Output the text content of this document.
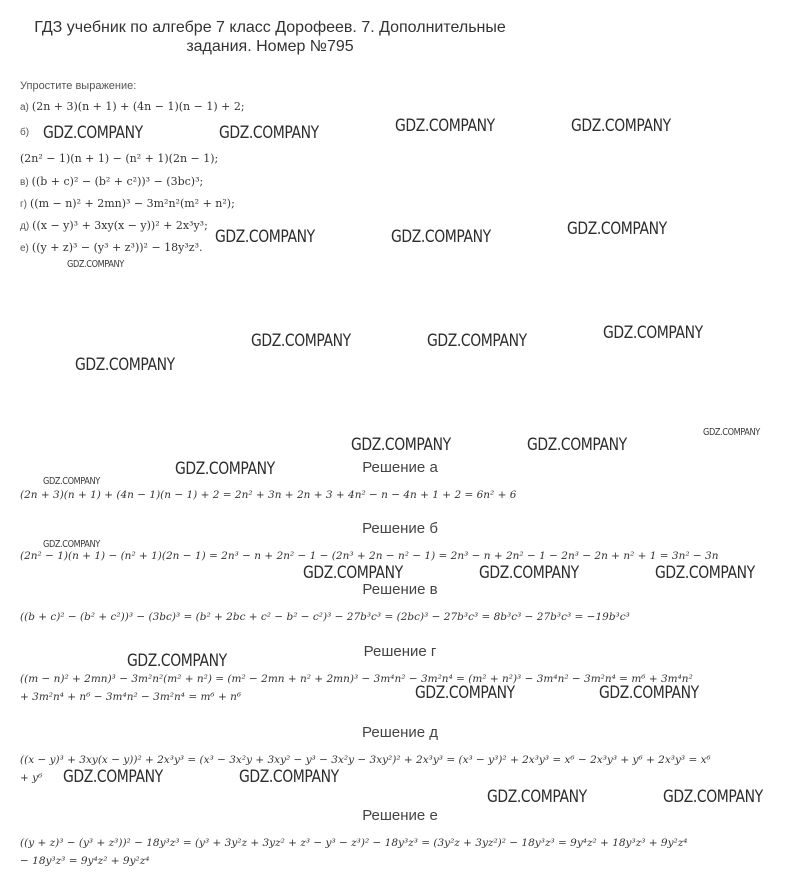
ГДЗ учебник по алгебре 7 класс Дорофеев. 7. Дополнительные
задания. Номер №795
Упростите выражение:
а) (2n + 3)(n + 1) + (4n − 1)(n − 1) + 2;
б)
(2n² − 1)(n + 1) − (n² + 1)(2n − 1);
в) ((b + c)² − (b² + c²))³ − (3bc)³;
г) ((m − n)² + 2mn)³ − 3m²n²(m² + n²);
д) ((x − y)³ + 3xy(x − y))² + 2x³y³;
е) ((y + z)³ − (y³ + z³))² − 18y³z³.
Решение а
(2n + 3)(n + 1) + (4n − 1)(n − 1) + 2 = 2n² + 3n + 2n + 3 + 4n² − n − 4n + 1 + 2 = 6n² + 6
Решение б
(2n² − 1)(n + 1) − (n² + 1)(2n − 1) = 2n³ − n + 2n² − 1 − (2n³ + 2n − n² − 1) = 2n³ − n + 2n² − 1 − 2n³ − 2n + n² + 1 = 3n² − 3n
Решение в
((b + c)² − (b² + c²))³ − (3bc)³ = (b² + 2bc + c² − b² − c²)³ − 27b³c³ = (2bc)³ − 27b³c³ = 8b³c³ − 27b³c³ = −19b³c³
Решение г
((m − n)² + 2mn)³ − 3m²n²(m² + n²) = (m² − 2mn + n² + 2mn)³ − 3m⁴n² − 3m²n⁴ = (m² + n²)³ − 3m⁴n² − 3m²n⁴ = m⁶ + 3m⁴n²
+ 3m²n⁴ + n⁶ − 3m⁴n² − 3m²n⁴ = m⁶ + n⁶
Решение д
((x − y)³ + 3xy(x − y))² + 2x³y³ = (x³ − 3x²y + 3xy² − y³ − 3x²y − 3xy²)² + 2x³y³ = (x³ − y³)² + 2x³y³ = x⁶ − 2x³y³ + y⁶ + 2x³y³ = x⁶
+ y⁶
Решение е
((y + z)³ − (y³ + z³))² − 18y³z³ = (y³ + 3y²z + 3yz² + z³ − y³ − z³)² − 18y³z³ = (3y²z + 3yz²)² − 18y³z³ = 9y⁴z² + 18y³z³ + 9y²z⁴
− 18y³z³ = 9y⁴z² + 9y²z⁴
GDZ.COMPANY	GDZ.COMPANY	GDZ.COMPANY	GDZ.COMPANY
GDZ.COMPANY	GDZ.COMPANY	GDZ.COMPANY
GDZ.COMPANY
GDZ.COMPANY	GDZ.COMPANY	GDZ.COMPANY
GDZ.COMPANY
GDZ.COMPANY
GDZ.COMPANY	GDZ.COMPANY
GDZ.COMPANY
GDZ.COMPANY
GDZ.COMPANY
GDZ.COMPANY	GDZ.COMPANY	GDZ.COMPANY
GDZ.COMPANY
GDZ.COMPANY	GDZ.COMPANY
GDZ.COMPANY	GDZ.COMPANY
GDZ.COMPANY	GDZ.COMPANY
